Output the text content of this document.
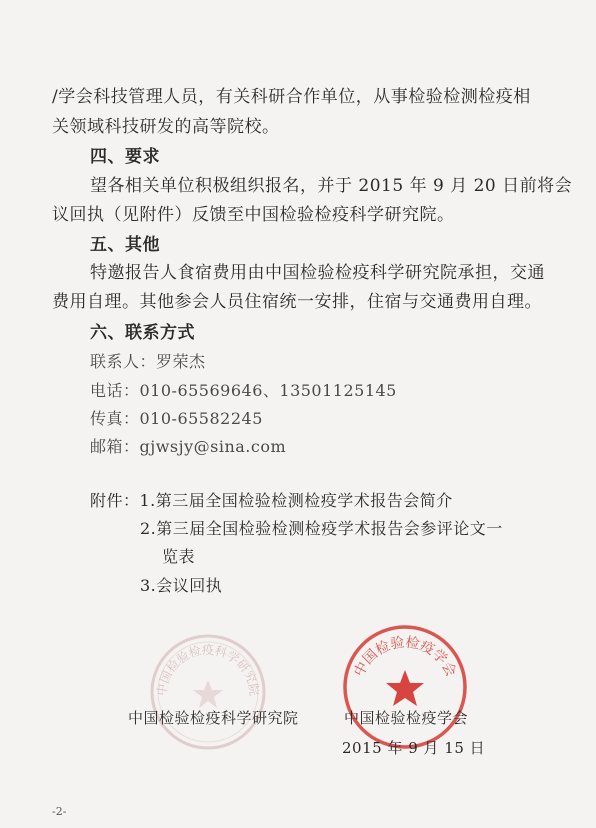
/学会科技管理人员，有关科研合作单位，从事检验检测检疫相
关领域科技研发的高等院校。
四、要求
望各相关单位积极组织报名，并于 2015 年 9 月 20 日前将会
议回执（见附件）反馈至中国检验检疫科学研究院。
五、其他
特邀报告人食宿费用由中国检验检疫科学研究院承担，交通
费用自理。其他参会人员住宿统一安排，住宿与交通费用自理。
六、联系方式
联系人：罗荣杰
电话：010-65569646、13501125145
传真：010-65582245
邮箱：gjwsjy@sina.com
附件：1.第三届全国检验检测检疫学术报告会简介
2.第三届全国检验检测检疫学术报告会参评论文一
览表
3.会议回执
中国检验检疫科学研究院
中国检验检疫学会
中国检验检疫科学研究院	中国检验检疫学会
2015 年 9 月 15 日
-2-
